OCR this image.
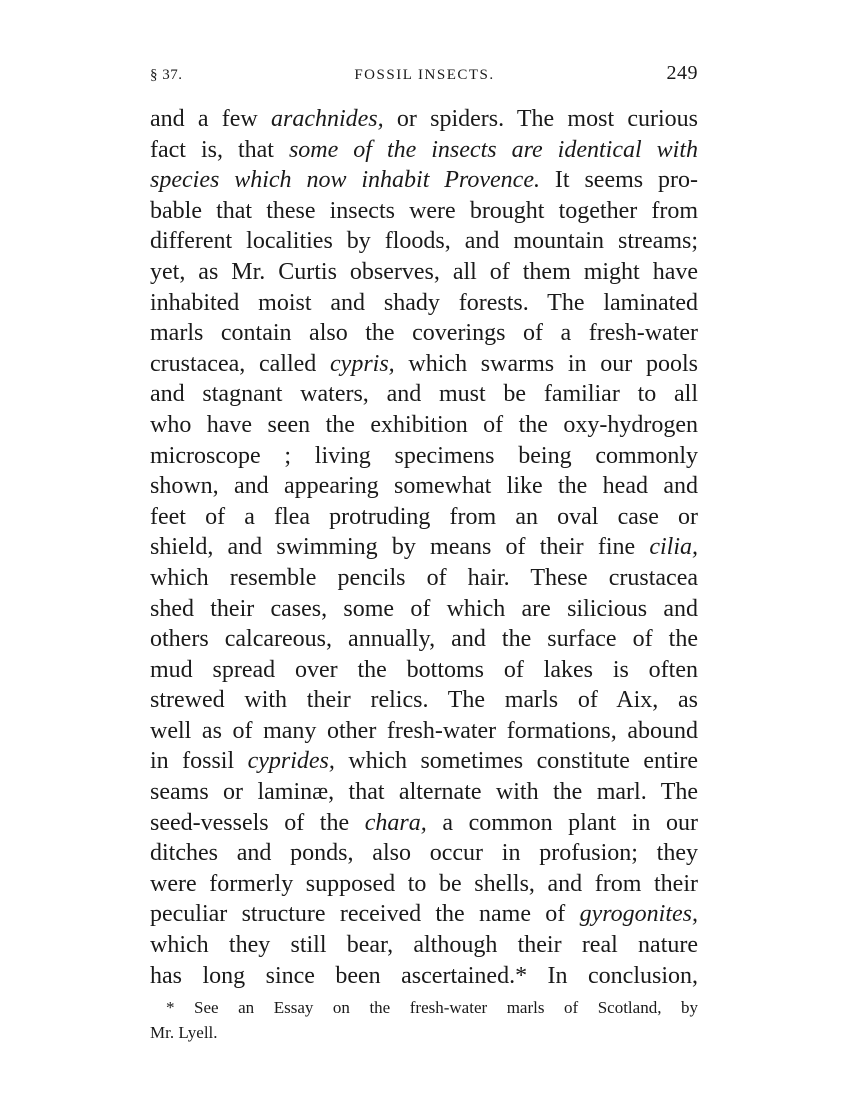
§ 37.	FOSSIL INSECTS.	249
and a few arachnides, or spiders. The most curious
fact is, that some of the insects are identical with
species which now inhabit Provence. It seems pro-
bable that these insects were brought together from
different localities by floods, and mountain streams;
yet, as Mr. Curtis observes, all of them might have
inhabited moist and shady forests. The laminated
marls contain also the coverings of a fresh-water
crustacea, called cypris, which swarms in our pools
and stagnant waters, and must be familiar to all
who have seen the exhibition of the oxy-hydrogen
microscope ; living specimens being commonly
shown, and appearing somewhat like the head and
feet of a flea protruding from an oval case or
shield, and swimming by means of their fine cilia,
which resemble pencils of hair. These crustacea
shed their cases, some of which are silicious and
others calcareous, annually, and the surface of the
mud spread over the bottoms of lakes is often
strewed with their relics. The marls of Aix, as
well as of many other fresh-water formations, abound
in fossil cyprides, which sometimes constitute entire
seams or laminæ, that alternate with the marl. The
seed-vessels of the chara, a common plant in our
ditches and ponds, also occur in profusion; they
were formerly supposed to be shells, and from their
peculiar structure received the name of gyrogonites,
which they still bear, although their real nature
has long since been ascertained.* In conclusion,
* See an Essay on the fresh-water marls of Scotland, by
Mr. Lyell.
